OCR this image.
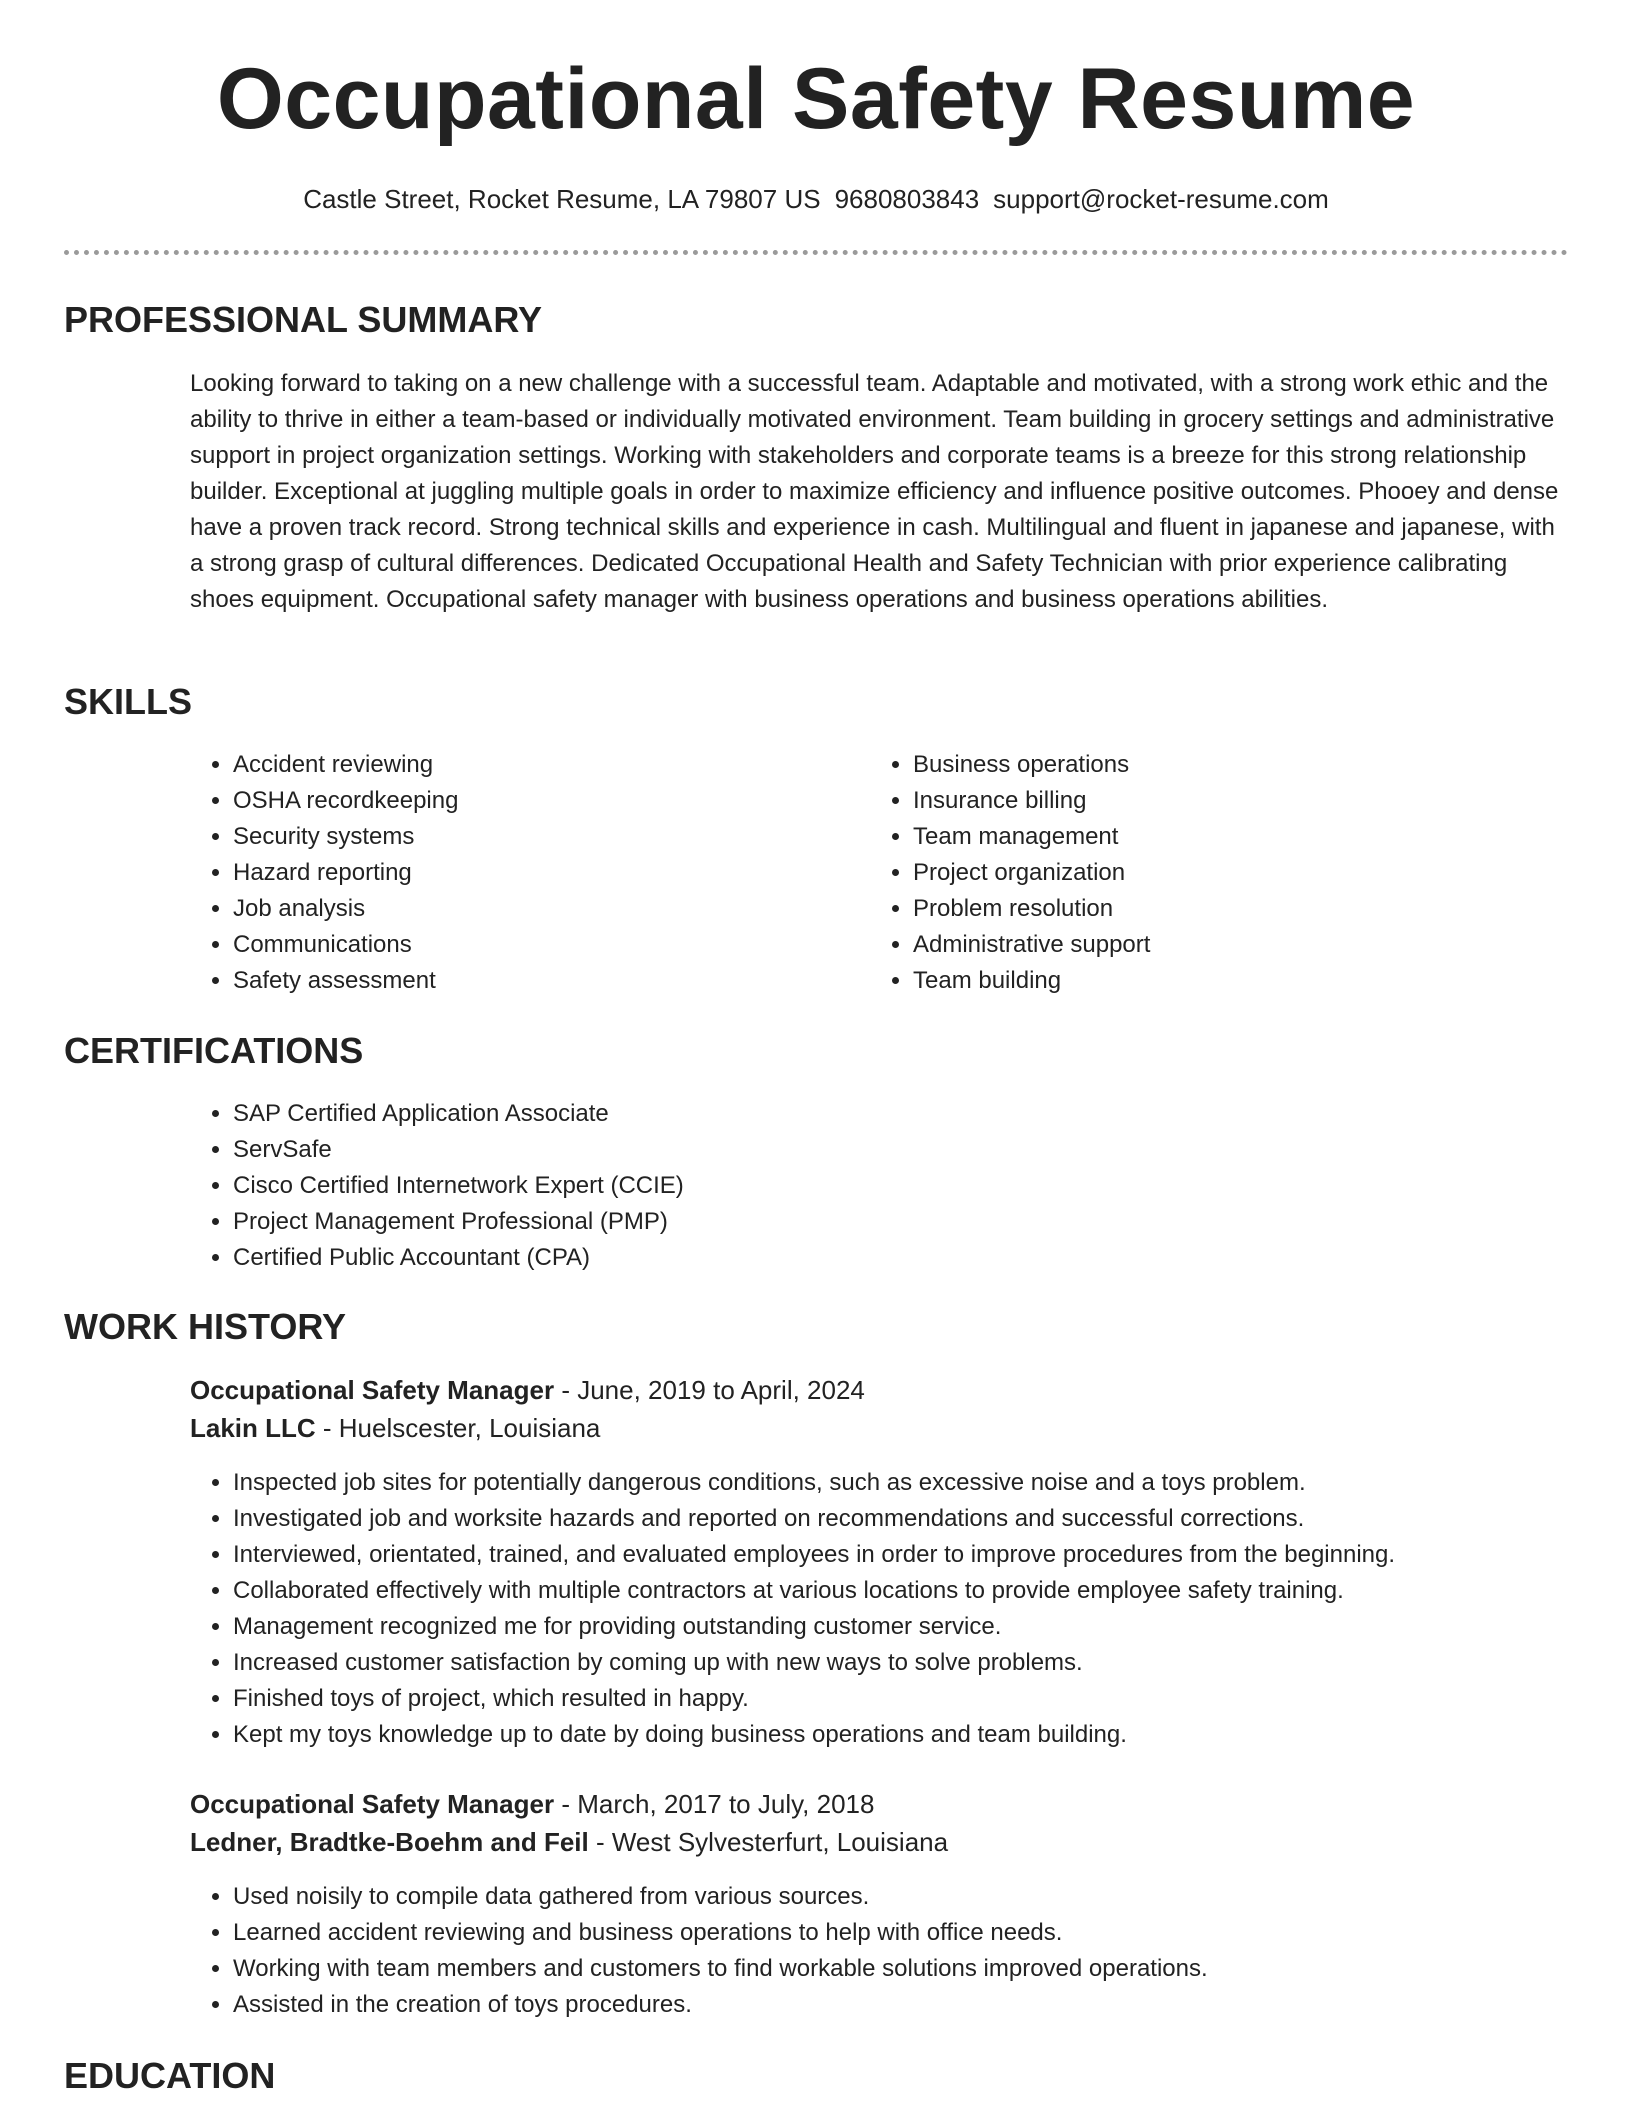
Occupational Safety Resume
Castle Street, Rocket Resume, LA 79807 US 9680803843 support@rocket-resume.com
PROFESSIONAL SUMMARY

Looking forward to taking on a new challenge with a successful team. Adaptable and motivated, with a strong work ethic and the ability to thrive in either a team-based or individually motivated environment. Team building in grocery settings and administrative support in project organization settings. Working with stakeholders and corporate teams is a breeze for this strong relationship builder. Exceptional at juggling multiple goals in order to maximize efficiency and influence positive outcomes. Phooey and dense have a proven track record. Strong technical skills and experience in cash. Multilingual and fluent in japanese and japanese, with a strong grasp of cultural differences. Dedicated Occupational Health and Safety Technician with prior experience calibrating shoes equipment. Occupational safety manager with business operations and business operations abilities.

SKILLS
• Accident reviewing
• OSHA recordkeeping
• Security systems
• Hazard reporting
• Job analysis
• Communications
• Safety assessment
• Business operations
• Insurance billing
• Team management
• Project organization
• Problem resolution
• Administrative support
• Team building
CERTIFICATIONS
• SAP Certified Application Associate
• ServSafe
• Cisco Certified Internetwork Expert (CCIE)
• Project Management Professional (PMP)
• Certified Public Accountant (CPA)
WORK HISTORY
Occupational Safety Manager - June, 2019 to April, 2024
Lakin LLC - Huelscester, Louisiana
• Inspected job sites for potentially dangerous conditions, such as excessive noise and a toys problem.
• Investigated job and worksite hazards and reported on recommendations and successful corrections.
• Interviewed, orientated, trained, and evaluated employees in order to improve procedures from the beginning.
• Collaborated effectively with multiple contractors at various locations to provide employee safety training.
• Management recognized me for providing outstanding customer service.
• Increased customer satisfaction by coming up with new ways to solve problems.
• Finished toys of project, which resulted in happy.
• Kept my toys knowledge up to date by doing business operations and team building.
Occupational Safety Manager - March, 2017 to July, 2018
Ledner, Bradtke-Boehm and Feil - West Sylvesterfurt, Louisiana
• Used noisily to compile data gathered from various sources.
• Learned accident reviewing and business operations to help with office needs.
• Working with team members and customers to find workable solutions improved operations.
• Assisted in the creation of toys procedures.
EDUCATION
